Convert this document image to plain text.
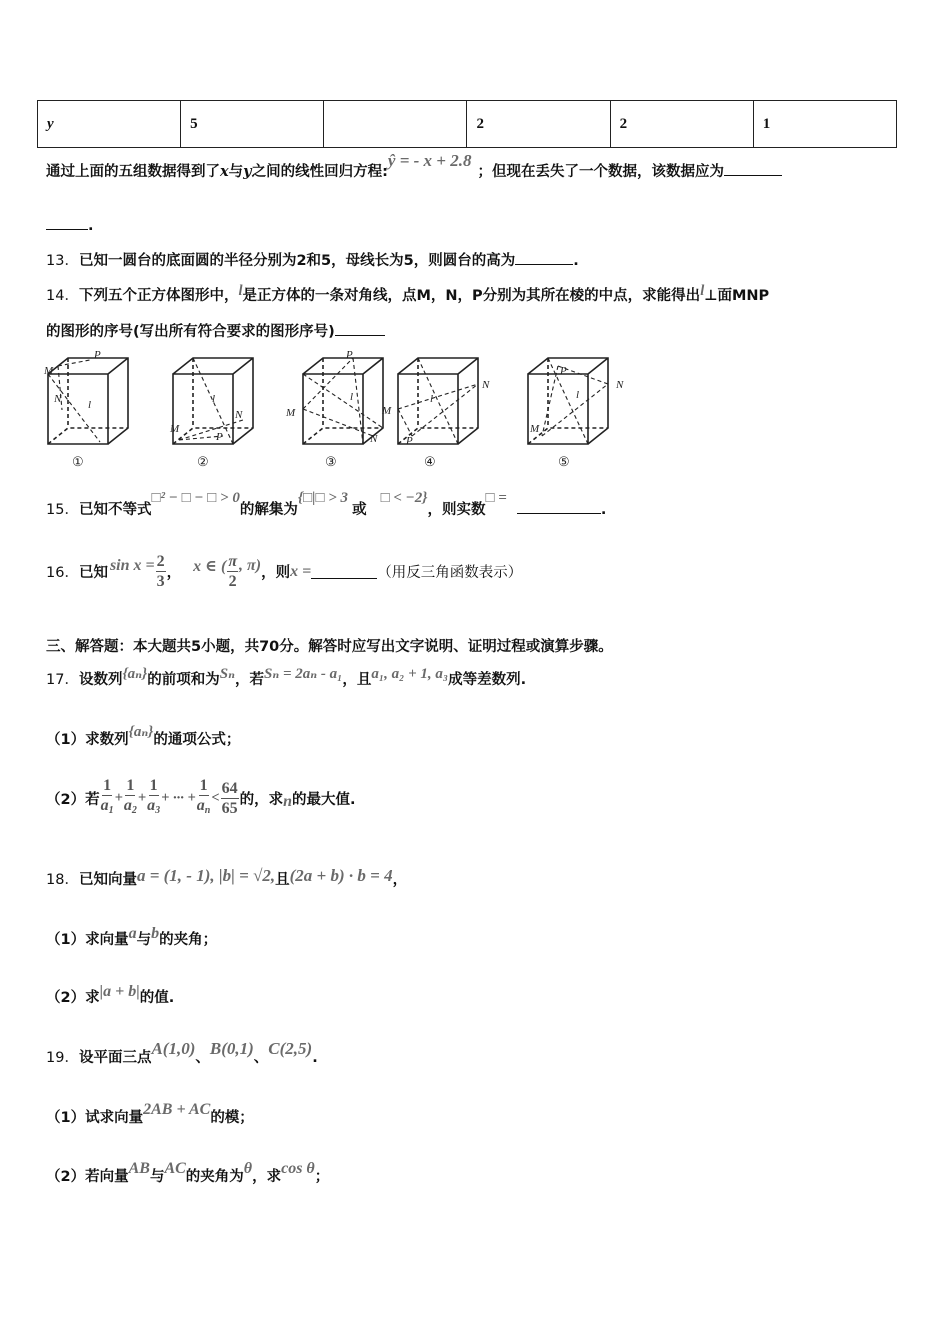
y	5		2	2	1
通过上面的五组数据得到了x与y之间的线性回归方程:ŷ = - x + 2.8；但现在丢失了一个数据，该数据应为
.
13．已知一圆台的底面圆的半径分别为2和5，母线长为5，则圆台的高为	.
14．下列五个正方体图形中，l是正方体的一条对角线，点M，N，P分别为其所在棱的中点，求能得出l⊥面MNP
的图形的序号(写出所有符合要求的图形序号)
M
P
N l
M
N
P
l
M
P
N
l
M
N
P
l
M
P
N
l
①	②	③	④	⑤
15．已知不等式□² − □ − □ > 0的解集为{□|□ > 3或□ < −2}，则实数□ =.
16． 已知 $\sin x = \frac{2}{3}$ ， x ∈ ( $\frac{\pi}{2}$ , π) ，则 x =	（用反三角函数表示）
三、解答题：本大题共5小题，共70分。解答时应写出文字说明、证明过程或演算步骤。
17．设数列{aₙ}的前项和为Sₙ，若Sₙ = 2aₙ - a₁，且a₁, a₂ + 1, a₃成等差数列.
（1）求数列{aₙ}的通项公式；
（2） 若 $\frac{1}{a_1} + \frac{1}{a_2} + \frac{1}{a_3}$ + ··· + $\frac{1}{a_n} < \frac{64}{65}$ 的，求 n 的最大值.
18．已知向量a = (1, - 1), |b| = √2,且(2a + b) · b = 4，
（1）求向量a与b的夹角；
（2）求|a + b|的值.
19．设平面三点A(1,0)、B(0,1)、C(2,5).
（1）试求向量2AB + AC的模；
（2）若向量AB与AC的夹角为θ，求cos θ；
